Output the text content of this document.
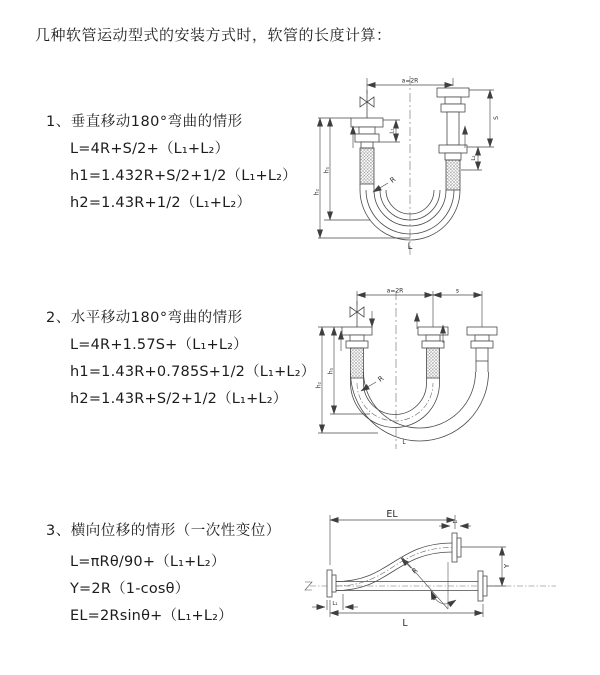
几种软管运动型式的安装方式时，软管的长度计算：
1、垂直移动180°弯曲的情形
L=4R+S/2+（L₁+L₂）
h1=1.432R+S/2+1/2（L₁+L₂）
h2=1.43R+1/2（L₁+L₂）
a=2R
L₁
S
L₂
h₁
h₂
R
L
2、水平移动180°弯曲的情形
L=4R+1.57S+（L₁+L₂）
h1=1.43R+0.785S+1/2（L₁+L₂）
h2=1.43R+S/2+1/2（L₁+L₂）
a=2R	s
h₁
h₂
R
L
3、横向位移的情形（一次性变位）
L=πRθ/90+（L₁+L₂）
Y=2R（1-cosθ）
EL=2Rsinθ+（L₁+L₂）
EL
L₂
R
θ
Y
L₁
L
